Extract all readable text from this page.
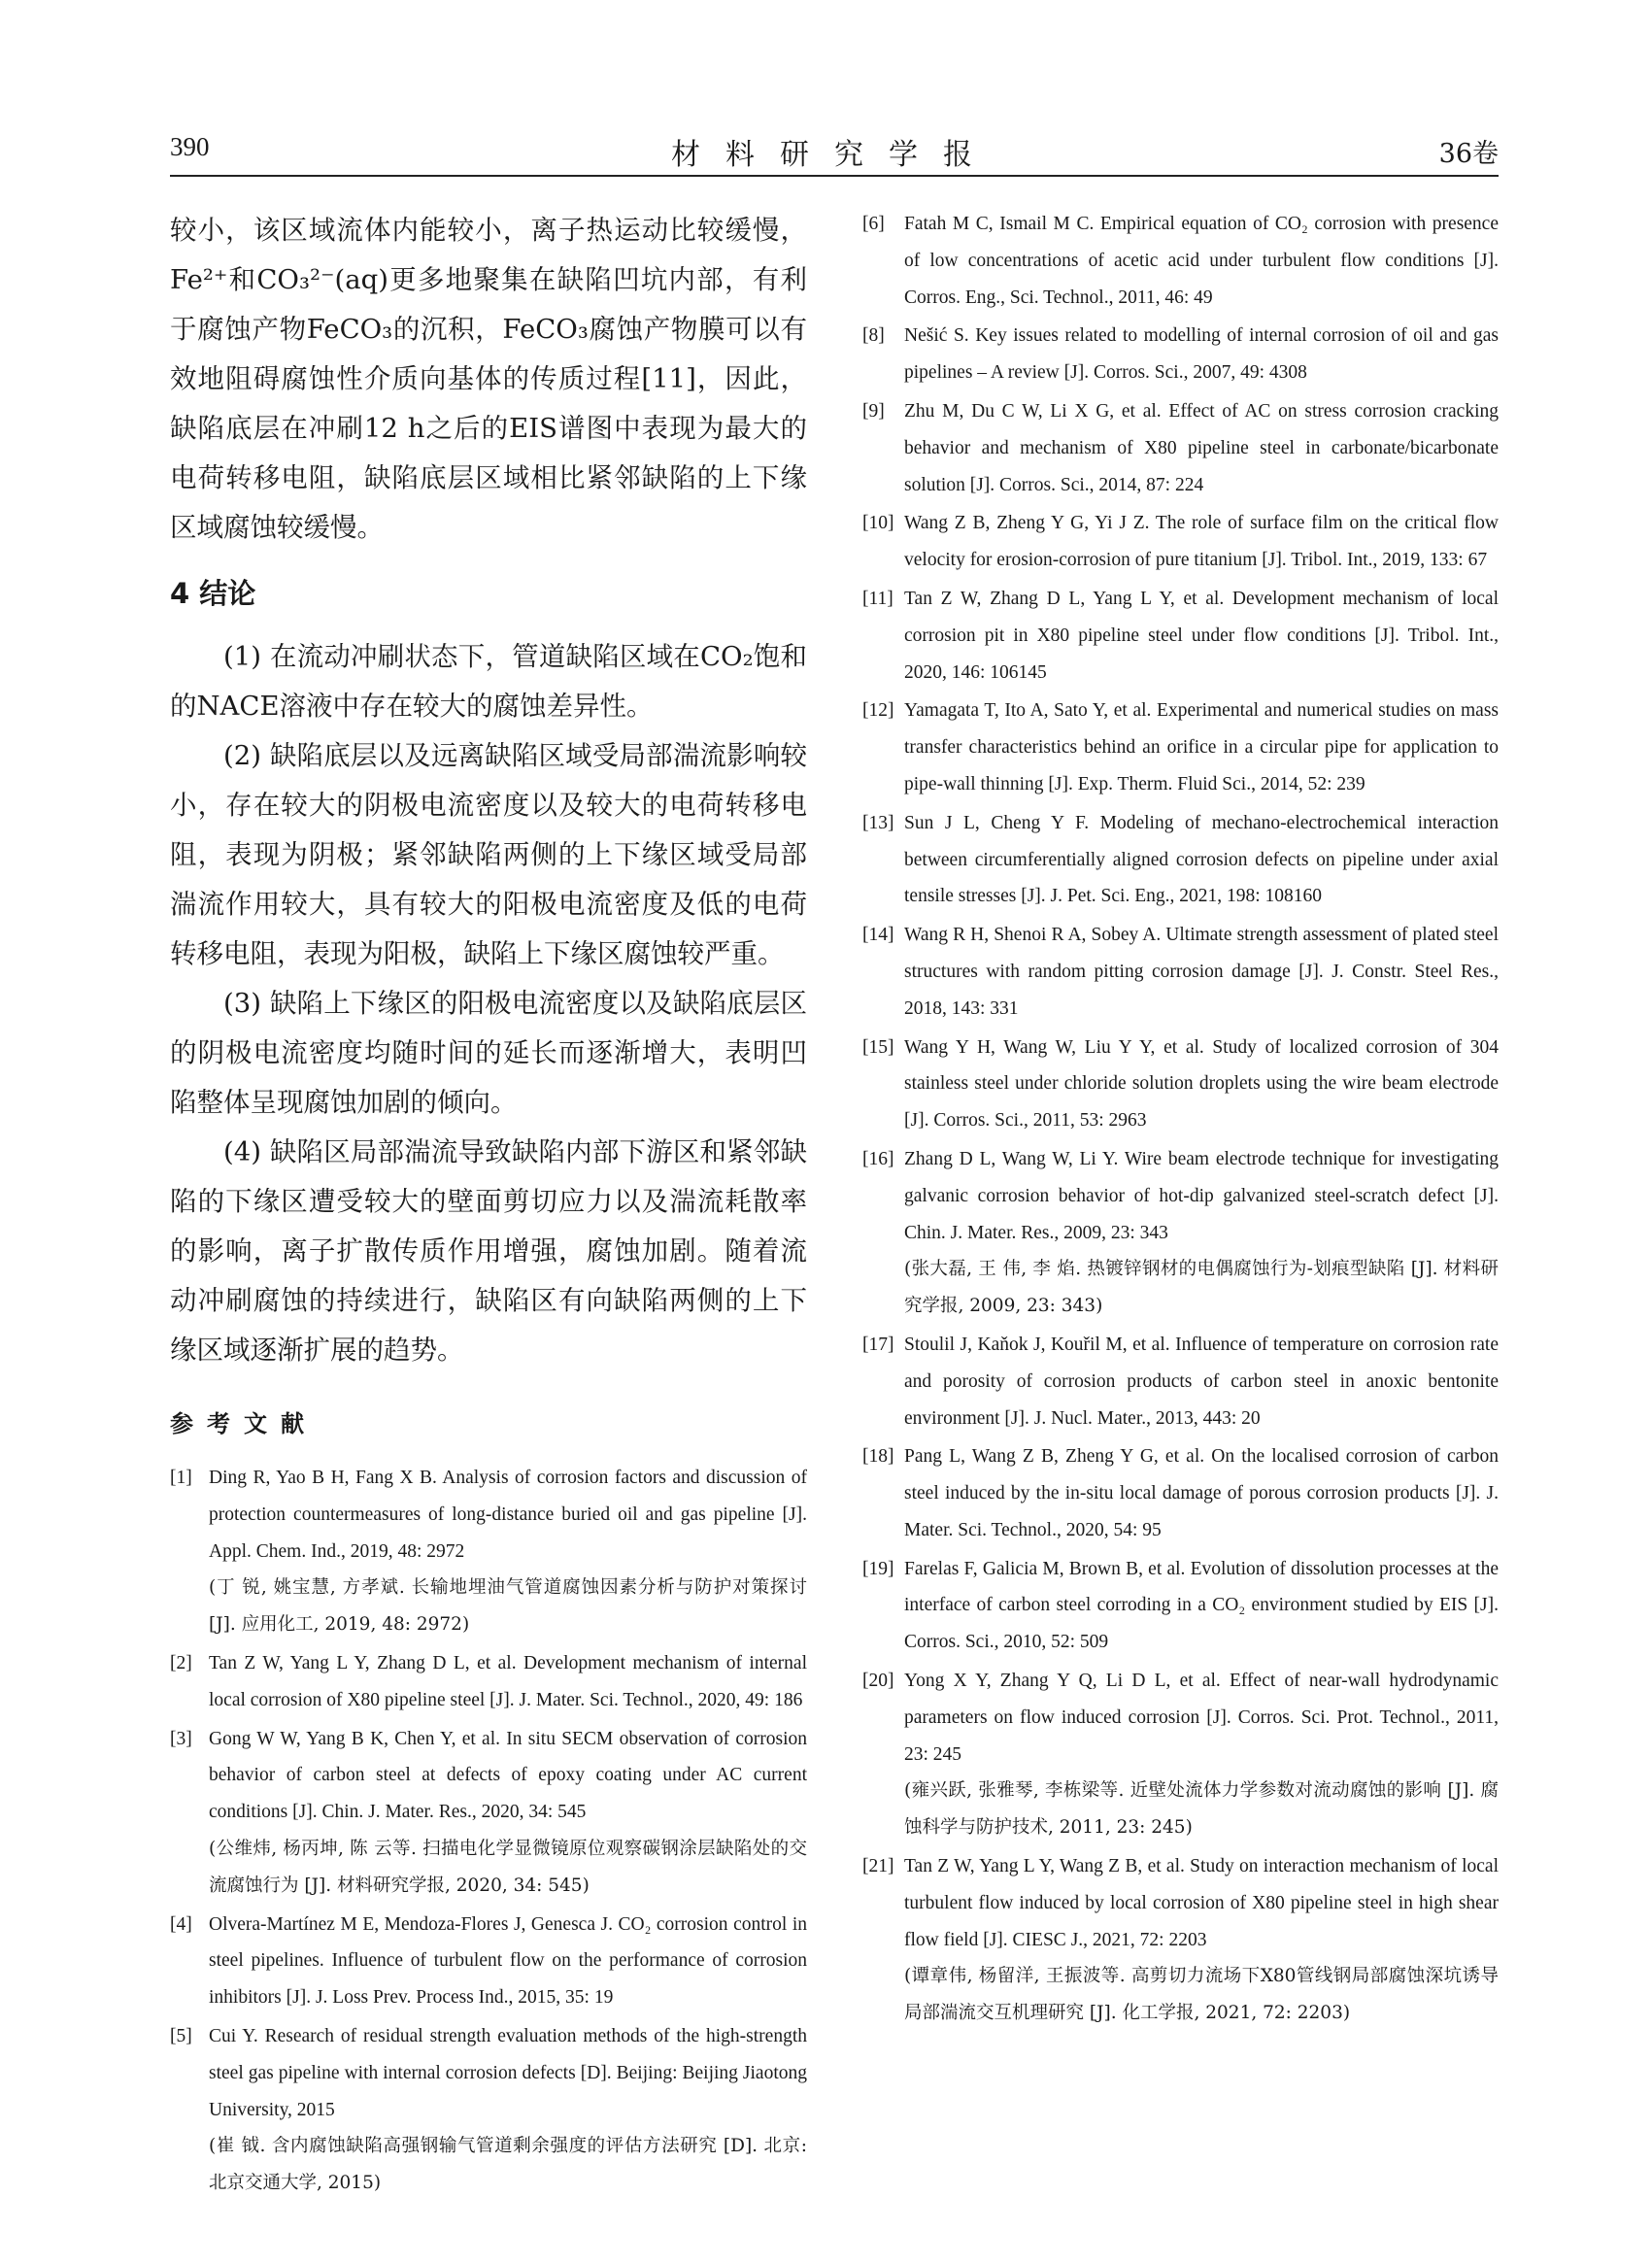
390	材料研究学报	36卷

较小，该区域流体内能较小，离子热运动比较缓慢，Fe²⁺和CO₃²⁻(aq)更多地聚集在缺陷凹坑内部，有利于腐蚀产物FeCO₃的沉积，FeCO₃腐蚀产物膜可以有效地阻碍腐蚀性介质向基体的传质过程[11]，因此，缺陷底层在冲刷12 h之后的EIS谱图中表现为最大的电荷转移电阻，缺陷底层区域相比紧邻缺陷的上下缘区域腐蚀较缓慢。

4 结论

(1) 在流动冲刷状态下，管道缺陷区域在CO₂饱和的NACE溶液中存在较大的腐蚀差异性。

(2) 缺陷底层以及远离缺陷区域受局部湍流影响较小，存在较大的阴极电流密度以及较大的电荷转移电阻，表现为阴极；紧邻缺陷两侧的上下缘区域受局部湍流作用较大，具有较大的阳极电流密度及低的电荷转移电阻，表现为阳极，缺陷上下缘区腐蚀较严重。

(3) 缺陷上下缘区的阳极电流密度以及缺陷底层区的阴极电流密度均随时间的延长而逐渐增大，表明凹陷整体呈现腐蚀加剧的倾向。

(4) 缺陷区局部湍流导致缺陷内部下游区和紧邻缺陷的下缘区遭受较大的壁面剪切应力以及湍流耗散率的影响，离子扩散传质作用增强，腐蚀加剧。随着流动冲刷腐蚀的持续进行，缺陷区有向缺陷两侧的上下缘区域逐渐扩展的趋势。

参考文献
[1] Ding R, Yao B H, Fang X B. Analysis of corrosion factors and discussion of protection countermeasures of long-distance buried oil and gas pipeline [J]. Appl. Chem. Ind., 2019, 48: 2972
(丁 锐, 姚宝慧, 方孝斌. 长输地埋油气管道腐蚀因素分析与防护对策探讨 [J]. 应用化工, 2019, 48: 2972)
[2] Tan Z W, Yang L Y, Zhang D L, et al. Development mechanism of internal local corrosion of X80 pipeline steel [J]. J. Mater. Sci. Technol., 2020, 49: 186
[3] Gong W W, Yang B K, Chen Y, et al. In situ SECM observation of corrosion behavior of carbon steel at defects of epoxy coating under AC current conditions [J]. Chin. J. Mater. Res., 2020, 34: 545
(公维炜, 杨丙坤, 陈 云等. 扫描电化学显微镜原位观察碳钢涂层缺陷处的交流腐蚀行为 [J]. 材料研究学报, 2020, 34: 545)
[4] Olvera-Martínez M E, Mendoza-Flores J, Genesca J. CO₂ corrosion control in steel pipelines. Influence of turbulent flow on the performance of corrosion inhibitors [J]. J. Loss Prev. Process Ind., 2015, 35: 19
[5] Cui Y. Research of residual strength evaluation methods of the high-strength steel gas pipeline with internal corrosion defects [D]. Beijing: Beijing Jiaotong University, 2015
(崔 钺. 含内腐蚀缺陷高强钢输气管道剩余强度的评估方法研究 [D]. 北京: 北京交通大学, 2015)
[6] Fatah M C, Ismail M C. Empirical equation of CO₂ corrosion with presence of low concentrations of acetic acid under turbulent flow conditions [J]. Corros. Eng., Sci. Technol., 2011, 46: 49
[8] Nešić S. Key issues related to modelling of internal corrosion of oil and gas pipelines – A review [J]. Corros. Sci., 2007, 49: 4308
[9] Zhu M, Du C W, Li X G, et al. Effect of AC on stress corrosion cracking behavior and mechanism of X80 pipeline steel in carbonate/bicarbonate solution [J]. Corros. Sci., 2014, 87: 224
[10] Wang Z B, Zheng Y G, Yi J Z. The role of surface film on the critical flow velocity for erosion-corrosion of pure titanium [J]. Tribol. Int., 2019, 133: 67
[11] Tan Z W, Zhang D L, Yang L Y, et al. Development mechanism of local corrosion pit in X80 pipeline steel under flow conditions [J]. Tribol. Int., 2020, 146: 106145
[12] Yamagata T, Ito A, Sato Y, et al. Experimental and numerical studies on mass transfer characteristics behind an orifice in a circular pipe for application to pipe-wall thinning [J]. Exp. Therm. Fluid Sci., 2014, 52: 239
[13] Sun J L, Cheng Y F. Modeling of mechano-electrochemical interaction between circumferentially aligned corrosion defects on pipeline under axial tensile stresses [J]. J. Pet. Sci. Eng., 2021, 198: 108160
[14] Wang R H, Shenoi R A, Sobey A. Ultimate strength assessment of plated steel structures with random pitting corrosion damage [J]. J. Constr. Steel Res., 2018, 143: 331
[15] Wang Y H, Wang W, Liu Y Y, et al. Study of localized corrosion of 304 stainless steel under chloride solution droplets using the wire beam electrode [J]. Corros. Sci., 2011, 53: 2963
[16] Zhang D L, Wang W, Li Y. Wire beam electrode technique for investigating galvanic corrosion behavior of hot-dip galvanized steel-scratch defect [J]. Chin. J. Mater. Res., 2009, 23: 343
(张大磊, 王 伟, 李 焰. 热镀锌钢材的电偶腐蚀行为-划痕型缺陷 [J]. 材料研究学报, 2009, 23: 343)
[17] Stoulil J, Kaňok J, Kouřil M, et al. Influence of temperature on corrosion rate and porosity of corrosion products of carbon steel in anoxic bentonite environment [J]. J. Nucl. Mater., 2013, 443: 20
[18] Pang L, Wang Z B, Zheng Y G, et al. On the localised corrosion of carbon steel induced by the in-situ local damage of porous corrosion products [J]. J. Mater. Sci. Technol., 2020, 54: 95
[19] Farelas F, Galicia M, Brown B, et al. Evolution of dissolution processes at the interface of carbon steel corroding in a CO₂ environment studied by EIS [J]. Corros. Sci., 2010, 52: 509
[20] Yong X Y, Zhang Y Q, Li D L, et al. Effect of near-wall hydrodynamic parameters on flow induced corrosion [J]. Corros. Sci. Prot. Technol., 2011, 23: 245
(雍兴跃, 张雅琴, 李栋梁等. 近壁处流体力学参数对流动腐蚀的影响 [J]. 腐蚀科学与防护技术, 2011, 23: 245)
[21] Tan Z W, Yang L Y, Wang Z B, et al. Study on interaction mechanism of local turbulent flow induced by local corrosion of X80 pipeline steel in high shear flow field [J]. CIESC J., 2021, 72: 2203
(谭章伟, 杨留洋, 王振波等. 高剪切力流场下X80管线钢局部腐蚀深坑诱导局部湍流交互机理研究 [J]. 化工学报, 2021, 72: 2203)
